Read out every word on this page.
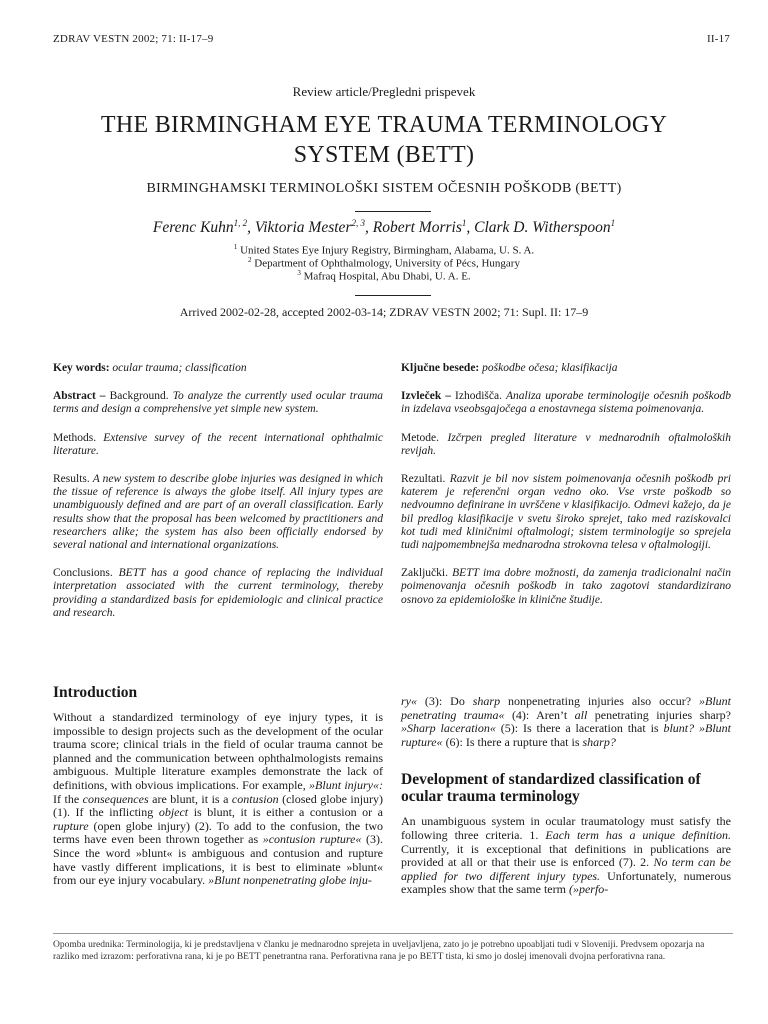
ZDRAV VESTN 2002; 71: II-17–9	II-17
Review article/Pregledni prispevek
THE BIRMINGHAM EYE TRAUMA TERMINOLOGY
SYSTEM (BETT)
BIRMINGHAMSKI TERMINOLOŠKI SISTEM OČESNIH POŠKODB (BETT)
Ferenc Kuhn$^{1, 2}$, Viktoria Mester$^{2, 3}$, Robert Morris$^1$, Clark D. Witherspoon$^1$
$^1$ United States Eye Injury Registry, Birmingham, Alabama, U. S. A.
$^2$ Department of Ophthalmology, University of Pécs, Hungary
$^3$ Mafraq Hospital, Abu Dhabi, U. A. E.
Arrived 2002-02-28, accepted 2002-03-14; ZDRAV VESTN 2002; 71: Supl. II: 17–9

Key words: ocular trauma; classification

Abstract – Background. To analyze the currently used ocular trauma terms and design a comprehensive yet simple new system.

Methods. Extensive survey of the recent international ophthalmic literature.

Results. A new system to describe globe injuries was designed in which the tissue of reference is always the globe itself. All injury types are unambiguously defined and are part of an overall classification. Early results show that the proposal has been welcomed by practitioners and researchers alike; the system has also been officially endorsed by several national and international organizations.

Conclusions. BETT has a good chance of replacing the individual interpretation associated with the current terminology, thereby providing a standardized basis for epidemiologic and clinical practice and research.

Ključne besede: poškodbe očesa; klasifikacija

Izvleček – Izhodišča. Analiza uporabe terminologije očesnih poškodb in izdelava vseobsgajočega a enostavnega sistema poimenovanja.

Metode. Izčrpen pregled literature v mednarodnih oftalmoloških revijah.

Rezultati. Razvit je bil nov sistem poimenovanja očesnih poškodb pri katerem je referenčni organ vedno oko. Vse vrste poškodb so nedvoumno definirane in uvrščene v klasifikacijo. Odmevi kažejo, da je bil predlog klasifikacije v svetu široko sprejet, tako med raziskovalci kot tudi med kliničnimi oftalmologi; sistem terminologije so sprejela tudi najpomembnejša mednarodna strokovna telesa v oftalmologiji.

Zaključki. BETT ima dobre možnosti, da zamenja tradicionalni način poimenovanja očesnih poškodb in tako zagotovi standardizirano osnovo za epidemiološke in klinične študije.

Introduction

Without a standardized terminology of eye injury types, it is impossible to design projects such as the development of the ocular trauma score; clinical trials in the field of ocular trauma cannot be planned and the communication between ophthalmologists remains ambiguous. Multiple literature examples demonstrate the lack of definitions, with obvious implications. For example, »Blunt injury«: If the consequences are blunt, it is a contusion (closed globe injury) (1). If the inflicting object is blunt, it is either a contusion or a rupture (open globe injury) (2). To add to the confusion, the two terms have even been thrown together as »contusion rupture« (3). Since the word »blunt« is ambiguous and contusion and rupture have vastly different implications, it is best to eliminate »blunt« from our eye injury vocabulary. »Blunt nonpenetrating globe inju-

ry« (3): Do sharp nonpenetrating injuries also occur? »Blunt penetrating trauma« (4): Aren’t all penetrating injuries sharp? »Sharp laceration« (5): Is there a laceration that is blunt? »Blunt rupture« (6): Is there a rupture that is sharp?

Development of standardized classification of ocular trauma terminology

An unambiguous system in ocular traumatology must satisfy the following three criteria. 1. Each term has a unique definition. Currently, it is exceptional that definitions in publications are provided at all or that their use is enforced (7). 2. No term can be applied for two different injury types. Unfortunately, numerous examples show that the same term (»perfo-

Opomba urednika: Terminologija, ki je predstavljena v članku je mednarodno sprejeta in uveljavljena, zato jo je potrebno upoabljati tudi v Sloveniji. Predvsem opozarja na razliko med izrazom: perforativna rana, ki je po BETT penetrantna rana. Perforativna rana je po BETT tista, ki smo jo doslej imenovali dvojna perforativna rana.
